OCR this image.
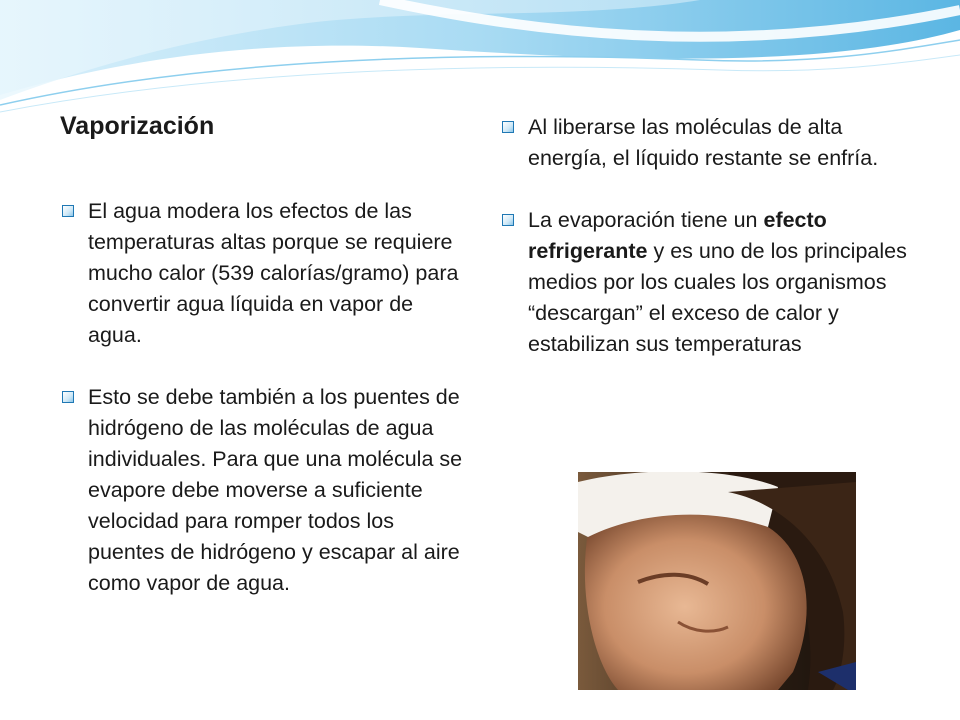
Vaporización

El agua modera los efectos de las temperaturas altas porque se requiere mucho calor (539 calorías/gramo) para convertir agua líquida en vapor de agua.

Esto se debe también a los puentes de hidrógeno de las moléculas de agua individuales. Para que una molécula se evapore debe moverse a suficiente velocidad para romper todos los puentes de hidrógeno y escapar al aire como vapor de agua.

Al liberarse las moléculas de alta energía, el líquido restante se enfría.

La evaporación tiene un efecto refrigerante y es uno de los principales medios por los cuales los organismos “descargan” el exceso de calor y estabilizan sus temperaturas
